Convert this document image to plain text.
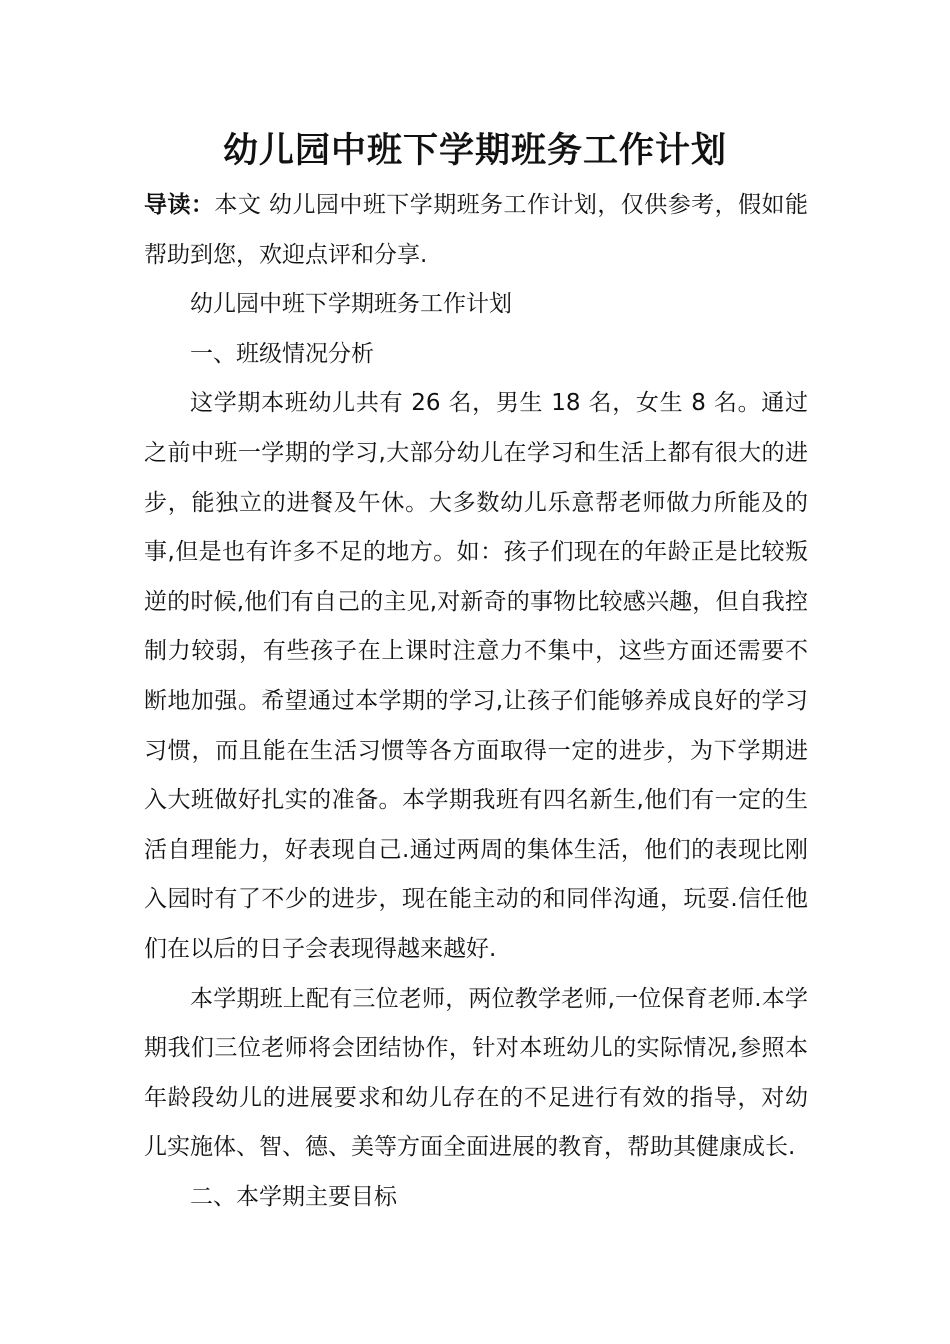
幼儿园中班下学期班务工作计划

导读：本文 幼儿园中班下学期班务工作计划，仅供参考，假如能帮助到您，欢迎点评和分享.

幼儿园中班下学期班务工作计划

一、班级情况分析

这学期本班幼儿共有 26 名，男生 18 名，女生 8 名。通过之前中班一学期的学习,大部分幼儿在学习和生活上都有很大的进步，能独立的进餐及午休。大多数幼儿乐意帮老师做力所能及的事,但是也有许多不足的地方。如：孩子们现在的年龄正是比较叛逆的时候,他们有自己的主见,对新奇的事物比较感兴趣，但自我控制力较弱，有些孩子在上课时注意力不集中，这些方面还需要不断地加强。希望通过本学期的学习,让孩子们能够养成良好的学习习惯，而且能在生活习惯等各方面取得一定的进步，为下学期进入大班做好扎实的准备。本学期我班有四名新生,他们有一定的生活自理能力，好表现自己.通过两周的集体生活，他们的表现比刚入园时有了不少的进步，现在能主动的和同伴沟通，玩耍.信任他们在以后的日子会表现得越来越好.

本学期班上配有三位老师，两位教学老师,一位保育老师.本学期我们三位老师将会团结协作，针对本班幼儿的实际情况,参照本年龄段幼儿的进展要求和幼儿存在的不足进行有效的指导，对幼儿实施体、智、德、美等方面全面进展的教育，帮助其健康成长.

二、本学期主要目标
